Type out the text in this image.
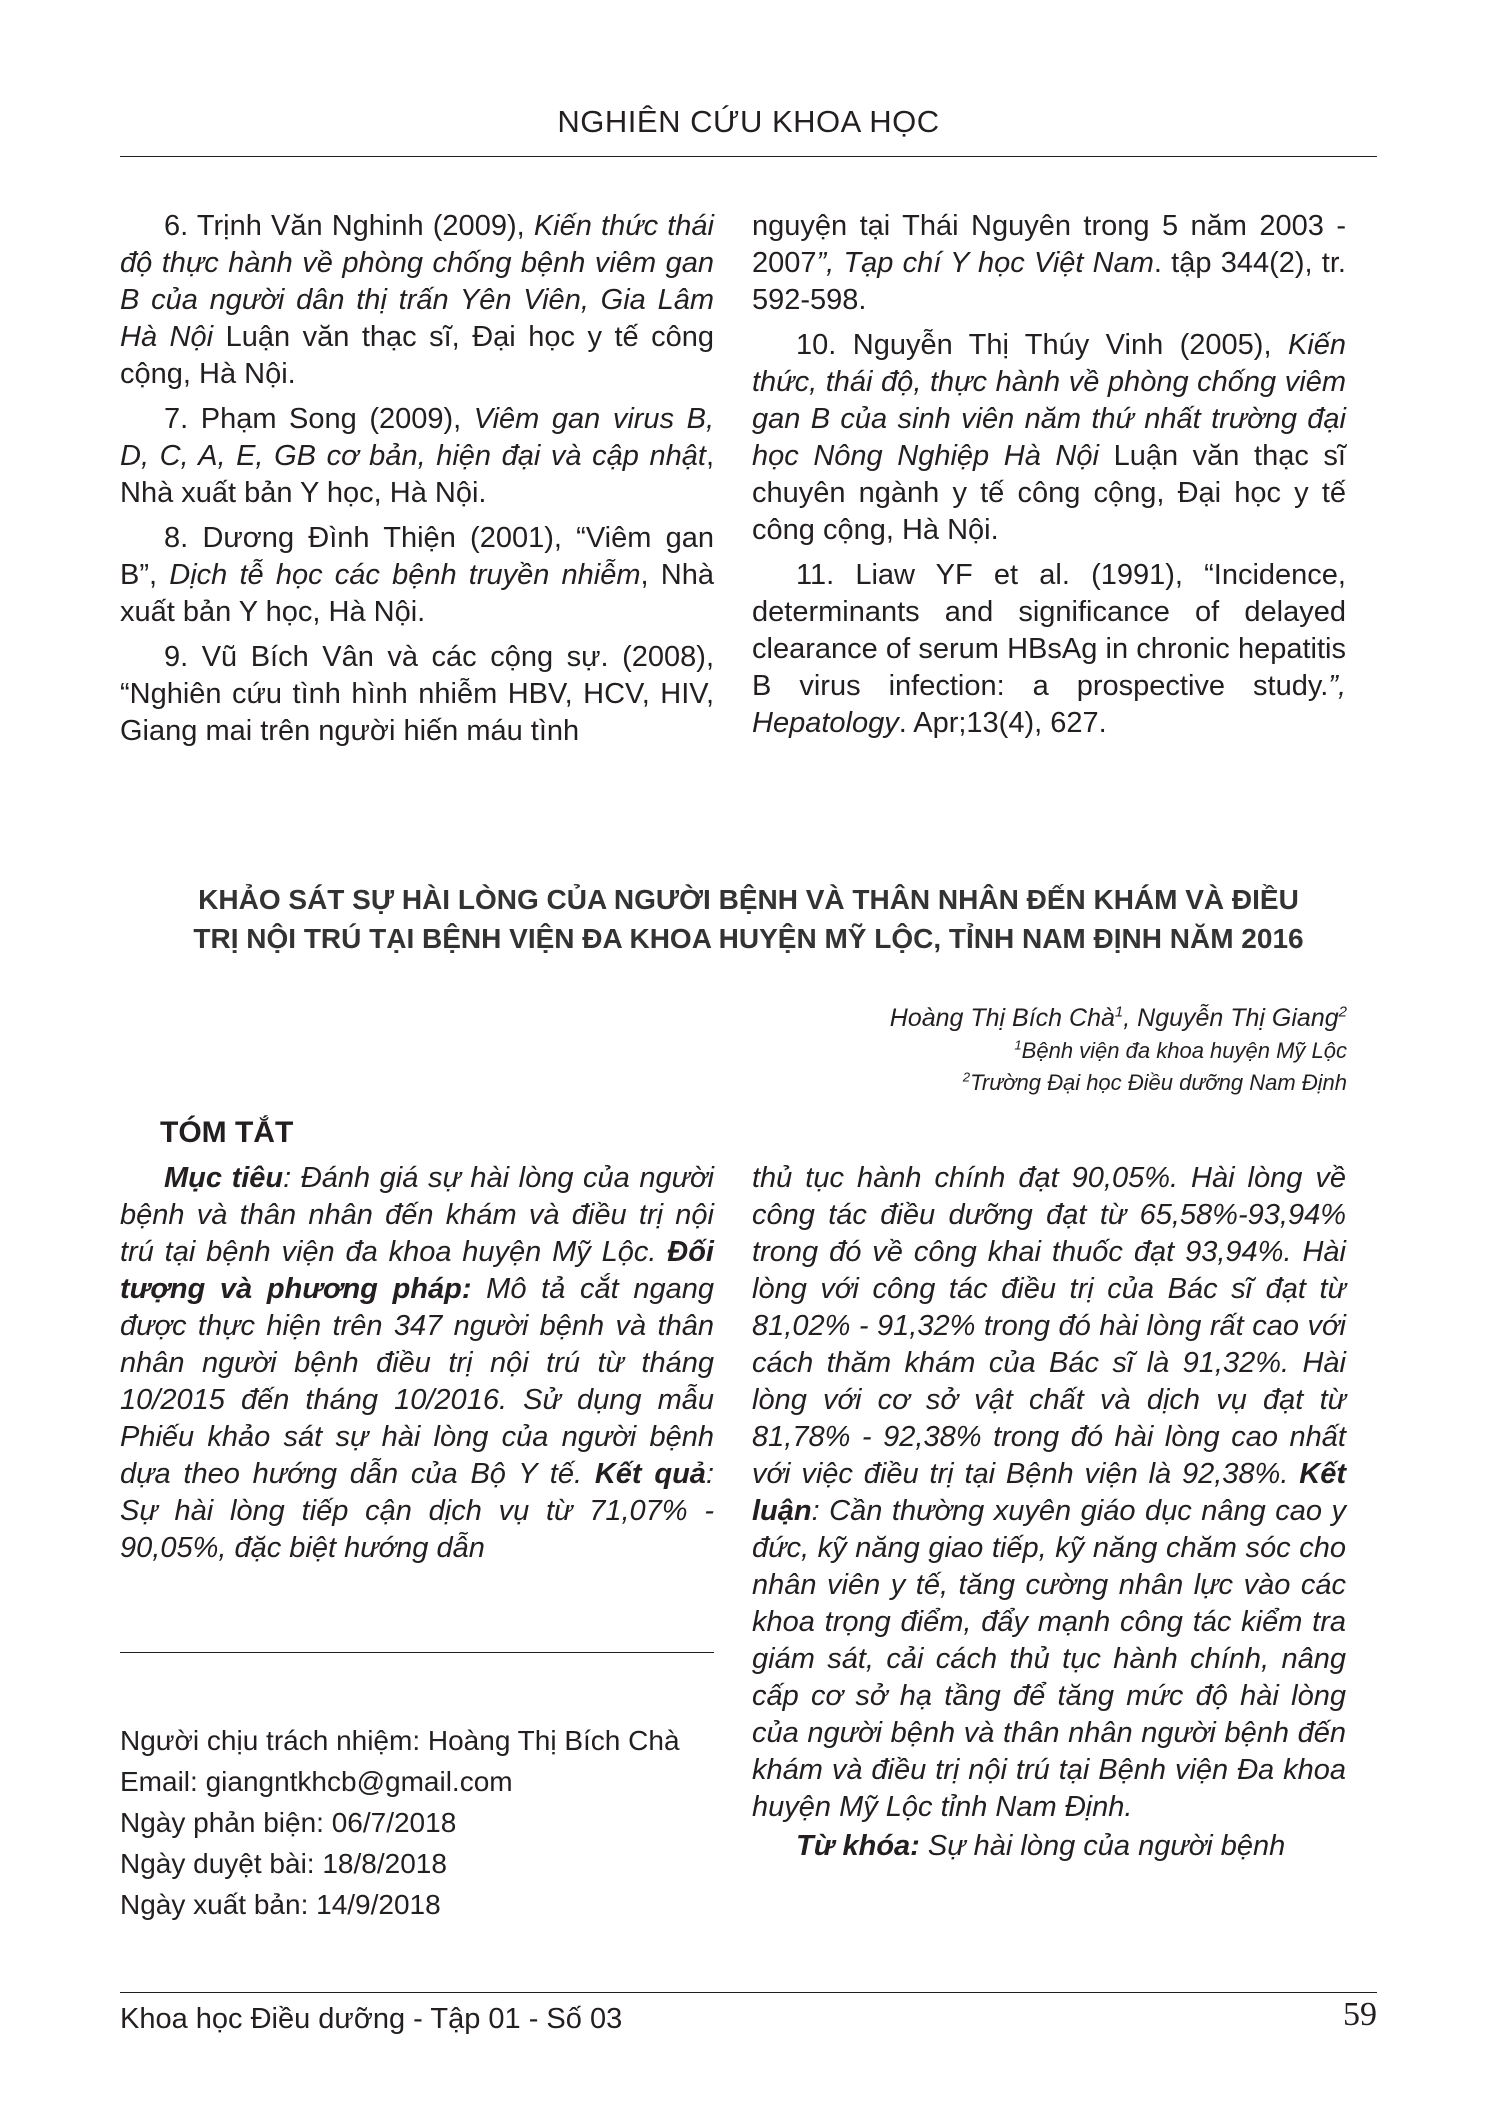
NGHIÊN CỨU KHOA HỌC

6. Trịnh Văn Nghinh (2009), Kiến thức thái độ thực hành về phòng chống bệnh viêm gan B của người dân thị trấn Yên Viên, Gia Lâm Hà Nội Luận văn thạc sĩ, Đại học y tế công cộng, Hà Nội.

7. Phạm Song (2009), Viêm gan virus B, D, C, A, E, GB cơ bản, hiện đại và cập nhật, Nhà xuất bản Y học, Hà Nội.

8. Dương Đình Thiện (2001), “Viêm gan B”, Dịch tễ học các bệnh truyền nhiễm, Nhà xuất bản Y học, Hà Nội.

9. Vũ Bích Vân và các cộng sự. (2008), “Nghiên cứu tình hình nhiễm HBV, HCV, HIV, Giang mai trên người hiến máu tình

nguyện tại Thái Nguyên trong 5 năm 2003 - 2007”, Tạp chí Y học Việt Nam. tập 344(2), tr. 592-598.

10. Nguyễn Thị Thúy Vinh (2005), Kiến thức, thái độ, thực hành về phòng chống viêm gan B của sinh viên năm thứ nhất trường đại học Nông Nghiệp Hà Nội Luận văn thạc sĩ chuyên ngành y tế công cộng, Đại học y tế công cộng, Hà Nội.

11. Liaw YF et al. (1991), “Incidence, determinants and significance of delayed clearance of serum HBsAg in chronic hepatitis B virus infection: a prospective study.”, Hepatology. Apr;13(4), 627.

KHẢO SÁT SỰ HÀI LÒNG CỦA NGƯỜI BỆNH VÀ THÂN NHÂN ĐẾN KHÁM VÀ ĐIỀU
TRỊ NỘI TRÚ TẠI BỆNH VIỆN ĐA KHOA HUYỆN MỸ LỘC, TỈNH NAM ĐỊNH NĂM 2016
Hoàng Thị Bích Chà$^1$, Nguyễn Thị Giang$^2$
$^1$Bệnh viện đa khoa huyện Mỹ Lộc
$^2$Trường Đại học Điều dưỡng Nam Định
TÓM TẮT

Mục tiêu: Đánh giá sự hài lòng của người bệnh và thân nhân đến khám và điều trị nội trú tại bệnh viện đa khoa huyện Mỹ Lộc. Đối tượng và phương pháp: Mô tả cắt ngang được thực hiện trên 347 người bệnh và thân nhân người bệnh điều trị nội trú từ tháng 10/2015 đến tháng 10/2016. Sử dụng mẫu Phiếu khảo sát sự hài lòng của người bệnh dựa theo hướng dẫn của Bộ Y tế. Kết quả: Sự hài lòng tiếp cận dịch vụ từ 71,07% - 90,05%, đặc biệt hướng dẫn

thủ tục hành chính đạt 90,05%. Hài lòng về công tác điều dưỡng đạt từ 65,58%-93,94% trong đó về công khai thuốc đạt 93,94%. Hài lòng với công tác điều trị của Bác sĩ đạt từ 81,02% - 91,32% trong đó hài lòng rất cao với cách thăm khám của Bác sĩ là 91,32%. Hài lòng với cơ sở vật chất và dịch vụ đạt từ 81,78% - 92,38% trong đó hài lòng cao nhất với việc điều trị tại Bệnh viện là 92,38%. Kết luận: Cần thường xuyên giáo dục nâng cao y đức, kỹ năng giao tiếp, kỹ năng chăm sóc cho nhân viên y tế, tăng cường nhân lực vào các khoa trọng điểm, đẩy mạnh công tác kiểm tra giám sát, cải cách thủ tục hành chính, nâng cấp cơ sở hạ tầng để tăng mức độ hài lòng của người bệnh và thân nhân người bệnh đến khám và điều trị nội trú tại Bệnh viện Đa khoa huyện Mỹ Lộc tỉnh Nam Định.

Từ khóa: Sự hài lòng của người bệnh

Người chịu trách nhiệm: Hoàng Thị Bích Chà
Email: giangntkhcb@gmail.com
Ngày phản biện: 06/7/2018
Ngày duyệt bài: 18/8/2018
Ngày xuất bản: 14/9/2018
Khoa học Điều dưỡng - Tập 01 - Số 03	59
